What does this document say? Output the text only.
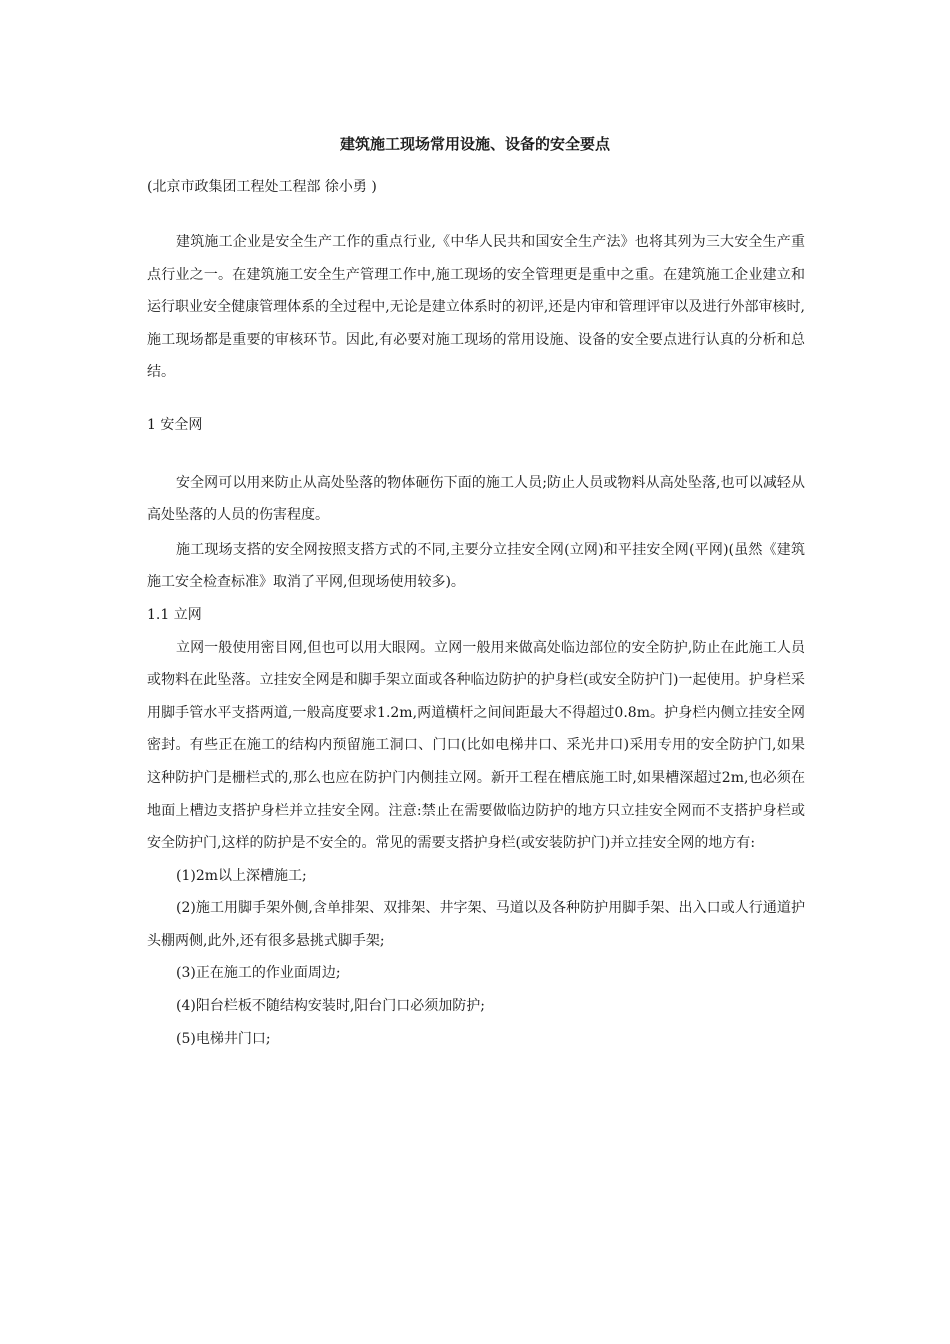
建筑施工现场常用设施、设备的安全要点
(北京市政集团工程处工程部 徐小勇 )

建筑施工企业是安全生产工作的重点行业,《中华人民共和国安全生产法》也将其列为三大安全生产重点行业之一。在建筑施工安全生产管理工作中,施工现场的安全管理更是重中之重。在建筑施工企业建立和运行职业安全健康管理体系的全过程中,无论是建立体系时的初评,还是内审和管理评审以及进行外部审核时,施工现场都是重要的审核环节。因此,有必要对施工现场的常用设施、设备的安全要点进行认真的分析和总结。

1 安全网

安全网可以用来防止从高处坠落的物体砸伤下面的施工人员;防止人员或物料从高处坠落,也可以减轻从高处坠落的人员的伤害程度。

施工现场支搭的安全网按照支搭方式的不同,主要分立挂安全网(立网)和平挂安全网(平网)(虽然《建筑施工安全检查标准》取消了平网,但现场使用较多)。

1.1 立网

立网一般使用密目网,但也可以用大眼网。立网一般用来做高处临边部位的安全防护,防止在此施工人员或物料在此坠落。立挂安全网是和脚手架立面或各种临边防护的护身栏(或安全防护门)一起使用。护身栏采用脚手管水平支搭两道,一般高度要求1.2m,两道横杆之间间距最大不得超过0.8m。护身栏内侧立挂安全网密封。有些正在施工的结构内预留施工洞口、门口(比如电梯井口、采光井口)采用专用的安全防护门,如果这种防护门是栅栏式的,那么也应在防护门内侧挂立网。新开工程在槽底施工时,如果槽深超过2m,也必须在地面上槽边支搭护身栏并立挂安全网。注意:禁止在需要做临边防护的地方只立挂安全网而不支搭护身栏或安全防护门,这样的防护是不安全的。常见的需要支搭护身栏(或安装防护门)并立挂安全网的地方有:

(1)2m以上深槽施工;

(2)施工用脚手架外侧,含单排架、双排架、井字架、马道以及各种防护用脚手架、出入口或人行通道护头棚两侧,此外,还有很多悬挑式脚手架;

(3)正在施工的作业面周边;

(4)阳台栏板不随结构安装时,阳台门口必须加防护;

(5)电梯井门口;
